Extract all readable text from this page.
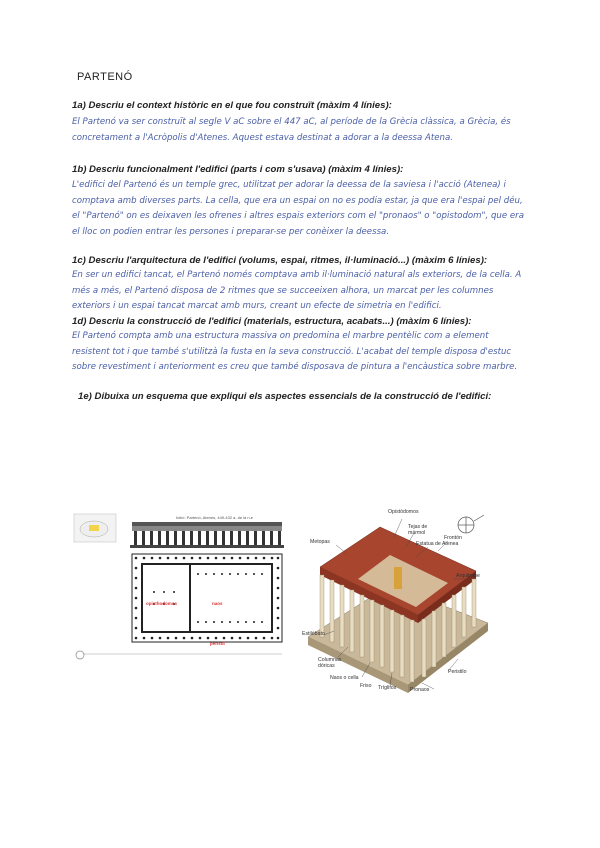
PARTENÓ
1a) Descriu el context històric en el que fou construït (màxim 4 línies):
El Partenó va ser construït al segle V aC sobre el 447 aC, al període de la Grècia clàssica, a Grècia, és concretament a l'Acròpolis d'Atenes. Aquest estava destinat a adorar a la deessa Atena.
1b) Descriu funcionalment l'edifici (parts i com s'usava) (màxim 4 línies):
L'edifici del Partenó és un temple grec, utilitzat per adorar la deessa de la saviesa i l'acció (Atenea) i comptava amb diverses parts. La cella, que era un espai on no es podia estar, ja que era l'espai pel déu, el "Partenó" on es deixaven les ofrenes i altres espais exteriors com el "pronaos" o "opistodom", que era el lloc on podien entrar les persones i preparar-se per conèixer la deessa.
1c) Descriu l'arquitectura de l'edifici (volums, espai, ritmes, il·luminació...) (màxim 6 línies):
En ser un edifici tancat, el Partenó només comptava amb il·luminació natural als exteriors, de la cella. A més a més, el Partenó disposa de 2 ritmes que se succeeixen alhora, un marcat per les columnes exteriors i un espai tancat marcat amb murs, creant un efecte de simetria en l'edifici.
1d) Descriu la construcció de l'edifici (materials, estructura, acabats...) (màxim 6 línies):
El Partenó compta amb una estructura massiva on predomina el marbre pentèlic com a element resistent tot i que també s'utilitzà la fusta en la seva construcció. L'acabat del temple disposa d'estuc sobre revestiment i anteriorment es creu que també disposava de pintura a l'encàustica sobre marbre.
1e) Dibuixa un esquema que expliqui els aspectes essencials de la construcció de l'edifici:
Ictinì: Partenó, Atenes, 449-432 a. de la n.e
opisthodomos	naos
peristil
Opistódomos
Metopas
Tejas de mármol
Estatua de Atenea
Frontón
Arquitrabe
Estilóbato
Columnas dóricas
Naos o cella
Friso Tríglifos
Peristilo
Pronaos
